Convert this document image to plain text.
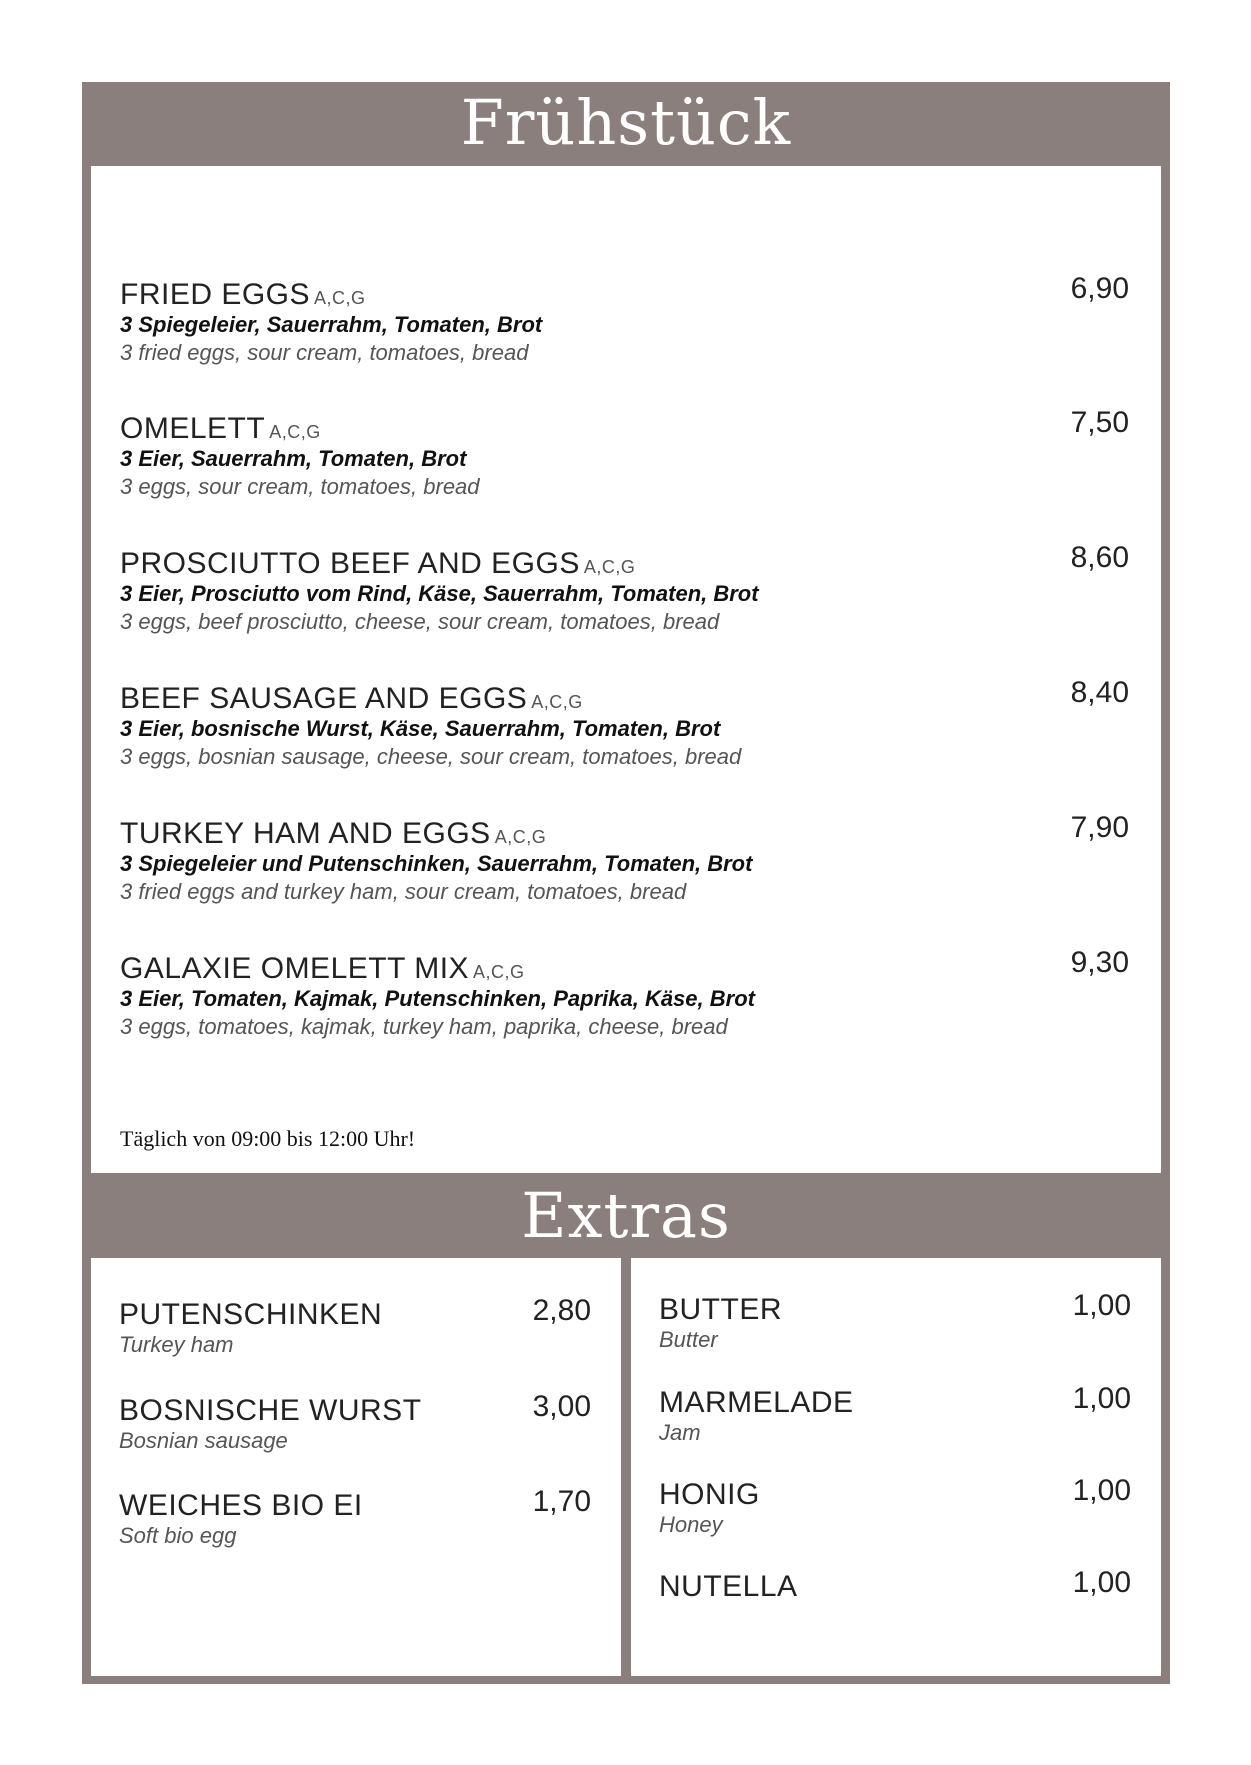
Frühstück
FRIED EGGS A,C,G
3 Spiegeleier, Sauerrahm, Tomaten, Brot
3 fried eggs, sour cream, tomatoes, bread
6,90
OMELETT A,C,G
3 Eier, Sauerrahm, Tomaten, Brot
3 eggs, sour cream, tomatoes, bread
7,50
PROSCIUTTO BEEF AND EGGS A,C,G
3 Eier, Prosciutto vom Rind, Käse, Sauerrahm, Tomaten, Brot
3 eggs, beef prosciutto, cheese, sour cream, tomatoes, bread
8,60
BEEF SAUSAGE AND EGGS A,C,G
3 Eier, bosnische Wurst, Käse, Sauerrahm, Tomaten, Brot
3 eggs, bosnian sausage, cheese, sour cream, tomatoes, bread
8,40
TURKEY HAM AND EGGS A,C,G
3 Spiegeleier und Putenschinken, Sauerrahm, Tomaten, Brot
3 fried eggs and turkey ham, sour cream, tomatoes, bread
7,90
GALAXIE OMELETT MIX A,C,G
3 Eier, Tomaten, Kajmak, Putenschinken, Paprika, Käse, Brot
3 eggs, tomatoes, kajmak, turkey ham, paprika, cheese, bread
9,30
Täglich von 09:00 bis 12:00 Uhr!
Extras
PUTENSCHINKEN
Turkey ham
2,80
BOSNISCHE WURST
Bosnian sausage
3,00
WEICHES BIO EI
Soft bio egg
1,70
BUTTER
Butter
1,00
MARMELADE
Jam
1,00
HONIG
Honey
1,00
NUTELLA	1,00
